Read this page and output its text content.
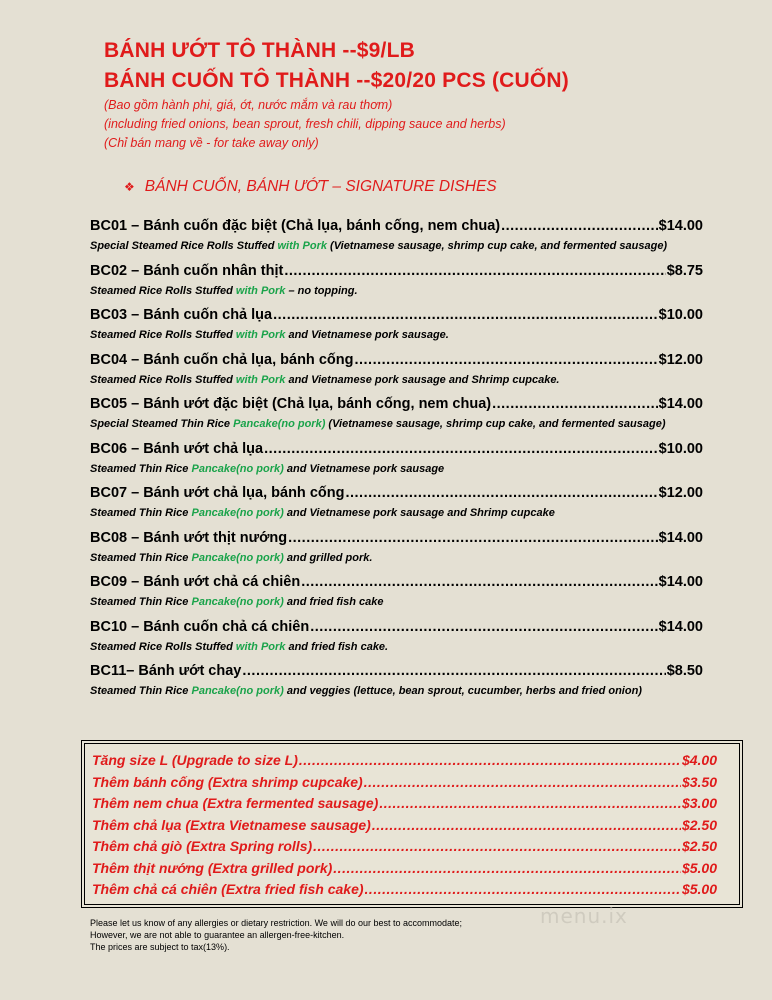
BÁNH ƯỚT TÔ THÀNH --$9/LB
BÁNH CUỐN TÔ THÀNH --$20/20 PCS (CUỐN)
(Bao gồm hành phi, giá, ớt, nước mắm và rau thơm)
(including fried onions, bean sprout, fresh chili, dipping sauce and herbs)
(Chỉ bán mang về - for take away only)
❖ BÁNH CUỐN, BÁNH ƯỚT – SIGNATURE DISHES
BC01 – Bánh cuốn đặc biệt (Chả lụa, bánh cống, nem chua) .....	$14.00
Special Steamed Rice Rolls Stuffed with Pork (Vietnamese sausage, shrimp cup cake, and fermented sausage)
BC02 – Bánh cuốn nhân thịt .....	$8.75
Steamed Rice Rolls Stuffed with Pork – no topping.
BC03 – Bánh cuốn chả lụa .....	$10.00
Steamed Rice Rolls Stuffed with Pork and Vietnamese pork sausage.
BC04 – Bánh cuốn chả lụa, bánh cống .....	$12.00
Steamed Rice Rolls Stuffed with Pork and Vietnamese pork sausage and Shrimp cupcake.
BC05 – Bánh ướt đặc biệt (Chả lụa, bánh cống, nem chua) .....	$14.00
Special Steamed Thin Rice Pancake(no pork) (Vietnamese sausage, shrimp cup cake, and fermented sausage)
BC06 – Bánh ướt chả lụa .....	$10.00
Steamed Thin Rice Pancake(no pork) and Vietnamese pork sausage
BC07 – Bánh ướt chả lụa, bánh cống .....	$12.00
Steamed Thin Rice Pancake(no pork) and Vietnamese pork sausage and Shrimp cupcake
BC08 – Bánh ướt thịt nướng .....	$14.00
Steamed Thin Rice Pancake(no pork) and grilled pork.
BC09 – Bánh ướt chả cá chiên .....	$14.00
Steamed Thin Rice Pancake(no pork) and fried fish cake
BC10 – Bánh cuốn chả cá chiên .....	$14.00
Steamed Rice Rolls Stuffed with Pork and fried fish cake.
BC11– Bánh ướt chay .....	$8.50
Steamed Thin Rice Pancake(no pork) and veggies (lettuce, bean sprout, cucumber, herbs and fried onion)
Tăng size L (Upgrade to size L) .....	$4.00
Thêm bánh cống (Extra shrimp cupcake) .....	$3.50
Thêm nem chua (Extra fermented sausage) .....	$3.00
Thêm chả lụa (Extra Vietnamese sausage) .....	$2.50
Thêm chả giò (Extra Spring rolls) .....	$2.50
Thêm thịt nướng (Extra grilled pork) .....	$5.00
Thêm chả cá chiên (Extra fried fish cake) .....	$5.00
menu.ix
Please let us know of any allergies or dietary restriction. We will do our best to accommodate;
However, we are not able to guarantee an allergen-free-kitchen.
The prices are subject to tax(13%).
